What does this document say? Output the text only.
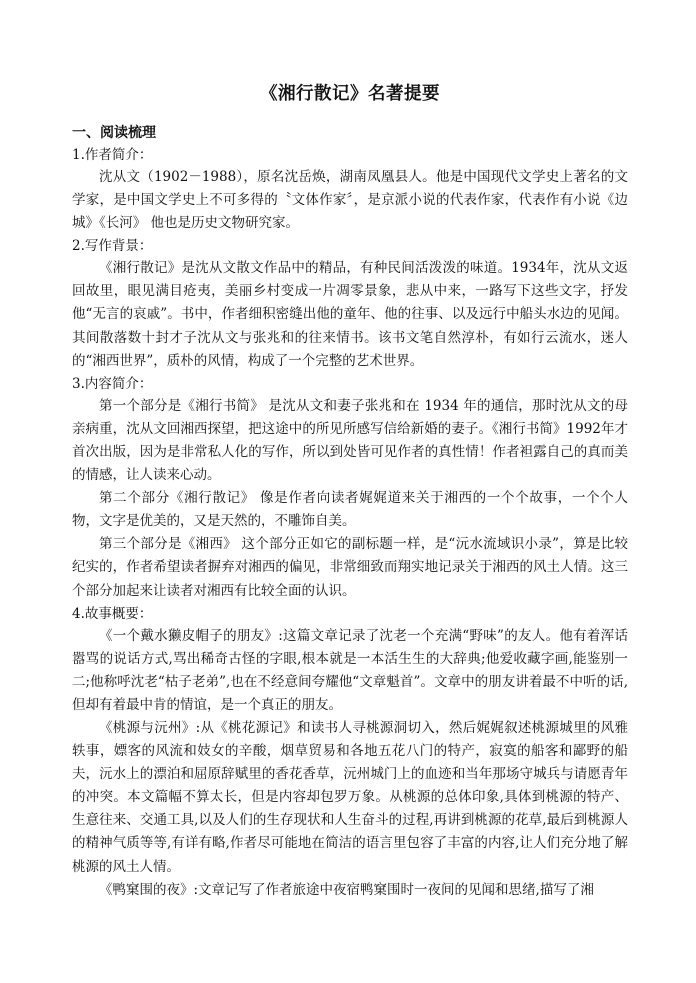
《湘行散记》名著提要

一、阅读梳理

1.作者简介：

沈从文（1902－1988），原名沈岳焕，湖南凤凰县人。他是中国现代文学史上著名的文学家，是中国文学史上不可多得的〝文体作家〞，是京派小说的代表作家，代表作有小说《边城》《长河》 他也是历史文物研究家。

2.写作背景：

《湘行散记》是沈从文散文作品中的精品，有种民间活泼泼的味道。1934年，沈从文返回故里，眼见满目疮夷，美丽乡村变成一片凋零景象，悲从中来，一路写下这些文字，抒发他“无言的哀戚”。书中，作者细积密缝出他的童年、他的往事、以及远行中船头水边的见闻。其间散落数十封才子沈从文与张兆和的往来情书。该书文笔自然淳朴，有如行云流水，迷人的“湘西世界”，质朴的风情，构成了一个完整的艺术世界。

3.内容简介：

第一个部分是《湘行书简》 是沈从文和妻子张兆和在 1934 年的通信，那时沈从文的母亲病重，沈从文回湘西探望，把这途中的所见所感写信给新婚的妻子。《湘行书简》1992年才首次出版，因为是非常私人化的写作，所以到处皆可见作者的真性情！作者袒露自己的真而美的情感，让人读来心动。

第二个部分《湘行散记》 像是作者向读者娓娓道来关于湘西的一个个故事，一个个人物，文字是优美的，又是天然的，不雕饰自美。

第三个部分是《湘西》 这个部分正如它的副标题一样，是“沅水流域识小录”，算是比较纪实的，作者希望读者摒弃对湘西的偏见，非常细致而翔实地记录关于湘西的风土人情。这三个部分加起来让读者对湘西有比较全面的认识。

4.故事概要：

《一个戴水獭皮帽子的朋友》:这篇文章记录了沈老一个充满“野味”的友人。他有着浑话嚣骂的说话方式,骂出稀奇古怪的字眼,根本就是一本活生生的大辞典;他爱收藏字画,能鉴别一二;他称呼沈老“枯子老弟”,也在不经意间夸耀他“文章魁首”。文章中的朋友讲着最不中听的话,但却有着最中肯的情谊，是一个真正的朋友。

《桃源与沅州》:从《桃花源记》和读书人寻桃源洞切入，然后娓娓叙述桃源城里的风雅轶事，嫖客的风流和妓女的辛酸，烟草贸易和各地五花八门的特产，寂寞的船客和鄙野的船夫，沅水上的漂泊和屈原辞赋里的香花香草，沅州城门上的血迹和当年那场守城兵与请愿青年的冲突。本文篇幅不算太长，但是内容却包罗万象。从桃源的总体印象,具体到桃源的特产、生意往来、交通工具,以及人们的生存现状和人生奋斗的过程,再讲到桃源的花草,最后到桃源人的精神气质等等,有详有略,作者尽可能地在简洁的语言里包容了丰富的内容,让人们充分地了解桃源的风土人情。

《鸭窠围的夜》:文章记写了作者旅途中夜宿鸭窠围时一夜间的见闻和思绪,描写了湘
